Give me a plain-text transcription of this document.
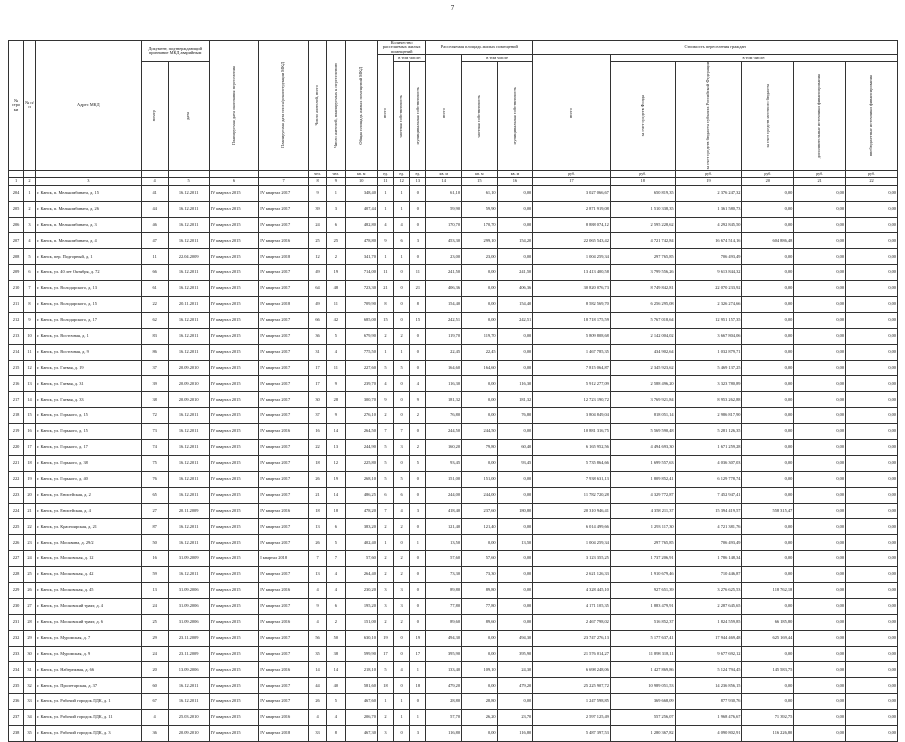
7
№ стро ки	№ п/п	Адрес МКД	Документ, подтверждающий признание МКД аварийным		Планируемая дата окончания переселения	Планируемая дата сноса/реконструкции МКД	Число жителей, всего	Число жителей, планируемых к переселению	Общая площадь жилых помещений МКД	Количество расселяемых жилых помещений			Расселяемая площадь жилых помещений			Стоимость переселения граждан					

										всего	в том числе:		всего	в том числе		всего	в том числе:				

			номер	дата							частная собственность	муниципальная собственность		частная собственность	муниципальная собственность		за счет средств Фонда	за счет средств бюджета субъекта Российской Федерации	за счет средств местного бюджета	дополнительные источники финансирования	внебюджетные источники финансирования

							чел.	чел.	кв. м	ед.	ед.	ед.	кв. м	кв. м	кв. м	руб.	руб.	руб.	руб.	руб.	руб.
1	2	3	4	5	6	7	8	9	10	11	12	13	14	15	16	17	18	19	20	21	22
204	1	г. Канск, п. Мелькомбината, д. 15	41	16.12.2011	IV квартал 2015	IV квартал 2017	9	1	348,40	1	1	0	61,10	61,10	0,00	3 027 066,67	650 819,35	2 376 247,32	0,00	0,00	0,00
205	2	г. Канск, п. Мелькомбината, д. 26	44	16.12.2011	IV квартал 2015	IV квартал 2017	39	3	407,44	1	1	0	59,90	59,90	0,00	2 871 919,08	1 510 338,35	1 361 580,73	0,00	0,00	0,00
206	3	г. Канск, п. Мелькомбината, д. 3	46	16.12.2011	IV квартал 2015	IV квартал 2017	24	6	482,80	4	4	0	170,70	170,70	0,00	8 888 074,12	2 595 228,62	4 292 845,50	0,00	0,00	0,00
207	4	г. Канск, п. Мелькомбината, д. 4	47	16.12.2011	IV квартал 2015	IV квартал 2016	25	25	478,80	9	6	3	453,30	299,10	154,20	22 065 543,42	4 721 742,84	16 674 514,16	604 886,48	0,00	0,00
208	5	г. Канск, пер. Подгорный, д. 1	11	22.04.2009	IV квартал 2015	IV квартал 2018	12	2	341,70	1	1	0	23,00	23,00	0,00	1 004 259,34	297 765,85	706 493,49	0,00	0,00	0,00
209	6	г. Канск, ул. 40 лет Октября, д. 72	66	16.12.2011	IV квартал 2015	IV квартал 2017	49	19	714,00	11	0	11	241,50	0,00	241,50	13 413 400,58	3 799 556,26	9 613 844,32	0,00	0,00	0,00
210	7	г. Канск, ул. Володарского, д. 13	61	16.12.2011	IV квартал 2015	IV квартал 2017	64	48	723,30	21	0	21	406,36	0,00	406,36	30 820 076,73	8 749 842,81	22 070 233,92	0,00	0,00	0,00
211	8	г. Канск, ул. Володарского, д. 15	22	20.11.2011	IV квартал 2015	IV квартал 2018	49	11	709,90	8	0	8	154,40	0,00	154,40	8 582 569,70	6 256 295,08	2 326 274,66	0,00	0,00	0,00
212	9	г. Канск, ул. Володарского, д. 17	62	16.12.2011	IV квартал 2015	IV квартал 2017	66	42	685,00	15	0	15	242,51	0,00	242,51	18 718 175,59	5 767 018,64	12 951 157,35	0,00	0,00	0,00
213	10	г. Канск, ул. Восточная, д. 1	83	16.12.2011	IV квартал 2015	IV квартал 2017	36	5	679,90	2	2	0	119,70	119,70	0,00	5 809 808,68	2 142 004,02	3 667 804,06	0,00	0,00	0,00
214	11	г. Канск, ул. Восточная, д. 9	86	16.12.2011	IV квартал 2015	IV квартал 2017	31	4	775,50	1	1	0	22,45	22,45	0,00	1 467 785,35	434 902,64	1 032 879,71	0,00	0,00	0,00
215	12	г. Канск, ул. Гаевая, д. 19	37	20.09.2010	IV квартал 2015	IV квартал 2017	17	11	227,60	5	5	0	164,60	164,60	0,00	7 815 064,87	2 345 923,62	5 469 137,25	0,00	0,00	0,00
216	13	г. Канск, ул. Гаевая, д. 31	39	20.09.2010	IV квартал 2015	IV квартал 2017	17	9	239,70	4	0	4	116,30	0,00	116,30	5 912 277,09	2 588 496,20	3 323 780,89	0,00	0,00	0,00
217	14	г. Канск, ул. Гаевая, д. 33	38	20.09.2010	IV квартал 2015	IV квартал 2017	30	28	300,70	9	0	9	181,32	0,00	181,32	12 723 190,72	3 769 921,84	8 953 262,88	0,00	0,00	0,00
218	15	г. Канск, ул. Горького, д. 15	72	16.12.2011	IV квартал 2015	IV квартал 2017	37	9	276,10	2	0	2	76,80	0,00	76,80	3 804 849,04	818 051,14	2 986 817,90	0,00	0,00	0,00
219	16	г. Канск, ул. Горького, д. 15	73	16.12.2011	IV квартал 2015	IV квартал 2016	16	14	264,50	7	7	0	244,50	244,50	0,00	10 881 316,75	5 569 590,48	5 281 126,35	0,00	0,00	0,00
220	17	г. Канск, ул. Горького, д. 17	74	16.12.2011	IV квартал 2015	IV квартал 2017	22	13	244,90	5	3	2	160,20	79,80	60,40	6 165 952,56	4 494 693,30	1 671 259,28	0,00	0,00	0,00
221	18	г. Канск, ул. Горького, д. 38	75	16.12.2011	IV квартал 2015	IV квартал 2017	18	12	225,80	5	0	5	93,45	0,00	93,45	5 735 864,66	1 699 557,63	4 036 307,03	0,00	0,00	0,00
222	19	г. Канск, ул. Горького, д. 40	76	16.12.2011	IV квартал 2015	IV квартал 2017	26	19	268,10	5	5	0	151,00	151,00	0,00	7 938 631,13	1 809 852,41	6 129 778,74	0,00	0,00	0,00
223	20	г. Канск, ул. Енисейская, д. 2	65	16.12.2011	IV квартал 2015	IV квартал 2017	21	14	486,25	6	6	0	244,00	244,00	0,00	11 782 720,28	4 329 772,87	7 452 947,41	0,00	0,00	0,00
224	21	г. Канск, ул. Енисейская, д. 4	27	20.11.2009	IV квартал 2015	IV квартал 2016	18	18	478,20	7	4	3	418,40	237,60	180,80	20 310 946,41	4 358 211,37	15 394 419,57	558 315,47	0,00	0,00
225	22	г. Канск, ул. Красноярская, д. 21	87	16.12.2011	IV квартал 2015	IV квартал 2017	13	6	383,20	2	2	0	121,40	121,40	0,00	6 014 499,66	1 293 117,30	4 721 381,76	0,00	0,00	0,00
226	23	г. Канск, ул. Москвина, д. 29/2	50	16.12.2011	IV квартал 2015	IV квартал 2017	26	5	402,40	1	0	1	13,50	0,00	13,50	1 004 259,34	297 765,85	706 493,49	0,00	0,00	0,00
227	24	г. Канск, ул. Московская, д. 12	16	31.09.2009	IV квартал 2015	I квартал 2018	7	7	57,60	2	2	0	57,60	57,60	0,00	3 123 355,25	1 737 206,91	1 786 148,34	0,00	0,00	0,00
228	25	г. Канск, ул. Московская, д. 42	59	16.12.2011	IV квартал 2015	IV квартал 2017	13	4	264,40	2	2	0	73,30	73,30	0,00	2 621 126,33	1 910 679,46	710 446,87	0,00	0,00	0,00
229	26	г. Канск, ул. Московская, д. 45	13	31.09.2006	IV квартал 2015	IV квартал 2016	4	4	230,20	3	3	0	89,80	89,80	0,00	4 328 445,10	927 651,39	3 276 625,53	118 762,18	0,00	0,00
230	27	г. Канск, ул. Московский тракт, д. 4	24	31.09.2006	IV квартал 2015	IV квартал 2017	9	6	195,20	3	3	0	77,80	77,80	0,00	4 171 105,35	1 883 479,91	2 287 645,65	0,00	0,00	0,00
231	28	г. Канск, ул. Московский тракт, д. 6	25	31.09.2006	IV квартал 2015	IV квартал 2016	4	2	151,00	2	2	0	89,60	89,60	0,00	2 467 798,02	516 852,37	1 824 559,85	66 185,80	0,00	0,00
232	29	г. Канск, ул. Муромская, д. 7	29	23.11.2009	IV квартал 2015	IV квартал 2017	56	50	630,10	19	0	19	494,30	0,00	494,30	23 747 276,13	5 177 637,41	17 944 469,48	625 169,44	0,00	0,00
233	30	г. Канск, ул. Муромская, д. 9	24	23.11.2009	IV квартал 2015	IV квартал 2017	35	38	599,90	17	0	17	395,90	0,00	395,90	21 576 014,27	11 898 318,11	9 677 692,12	0,00	0,00	0,00
234	31	г. Канск, ул. Набережная, д. 66	20	13.09.2006	IV квартал 2015	IV квартал 2016	14	14	218,10	5	4	1	133,40	109,10	24,30	6 698 248,06	1 427 869,86	5 124 794,45	145 583,75	0,00	0,00
235	32	г. Канск, ул. Пролетарская, д. 37	60	16.12.2011	IV квартал 2015	IV квартал 2017	44	40	581,60	18	0	18	479,20	0,00	479,20	25 225 907,72	10 989 051,53	14 236 856,15	0,00	0,00	0,00
236	33	г. Канск, ул. Рабочий городок ЛДК, д. 1	67	16.12.2011	IV квартал 2015	IV квартал 2017	26	5	467,60	1	1	0	28,80	28,80	0,00	1 247 598,85	369 668,09	877 930,76	0,00	0,00	0,00
237	34	г. Канск, ул. Рабочий городок ЛДК, д. 11	4	25.03.2010	IV квартал 2015	IV квартал 2016	4	4	206,70	2	1	1	57,70	26,20	23,70	2 597 125,49	557 256,07	1 968 476,67	71 392,75	0,00	0,00
238	35	г. Канск, ул. Рабочий городок ЛДК, д. 3	36	20.09.2010	IV квартал 2015	IV квартал 2018	33	8	467,30	3	0	3	116,80	0,00	116,80	5 487 397,53	1 280 367,82	4 090 802,91	116 226,80	0,00	0,00
